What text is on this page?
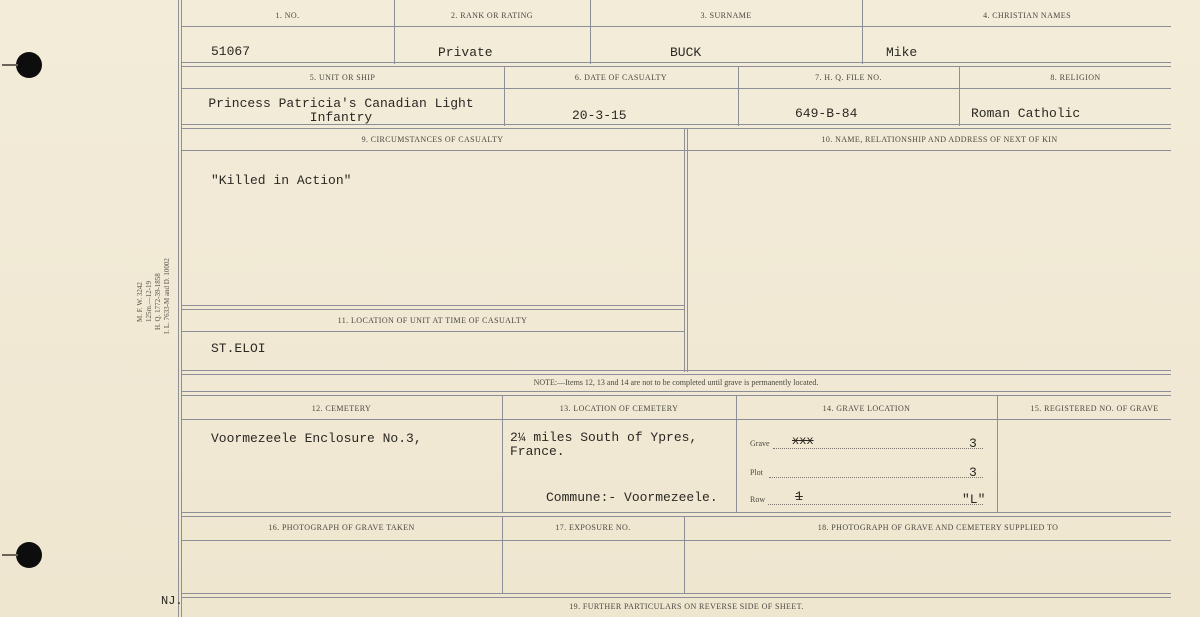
M. F. W. 3242 125m.—12-19 H. Q. 1772-39-1858 I. L. 7633-M and D. 10002
1. NO.	2. RANK OR RATING	3. SURNAME	4. CHRISTIAN NAMES
51067	Private	BUCK	Mike
5. UNIT OR SHIP	6. DATE OF CASUALTY	7. H. Q. FILE NO.	8. RELIGION
Princess Patricia's Canadian Light Infantry	20-3-15	649-B-84	Roman Catholic
9. CIRCUMSTANCES OF CASUALTY	10. NAME, RELATIONSHIP AND ADDRESS OF NEXT OF KIN
"Killed in Action"
11. LOCATION OF UNIT AT TIME OF CASUALTY
ST.ELOI
NOTE:—Items 12, 13 and 14 are not to be completed until grave is permanently located.
12. CEMETERY	13. LOCATION OF CEMETERY	14. GRAVE LOCATION	15. REGISTERED NO. OF GRAVE
Voormezeele Enclosure No.3,	2¼ miles South of Ypres, France.
Commune:- Voormezeele.
Grave xxx	3
Plot	3
Row 1	"L"
16. PHOTOGRAPH OF GRAVE TAKEN	17. EXPOSURE NO.	18. PHOTOGRAPH OF GRAVE AND CEMETERY SUPPLIED TO
19. FURTHER PARTICULARS ON REVERSE SIDE OF SHEET.
NJ.
